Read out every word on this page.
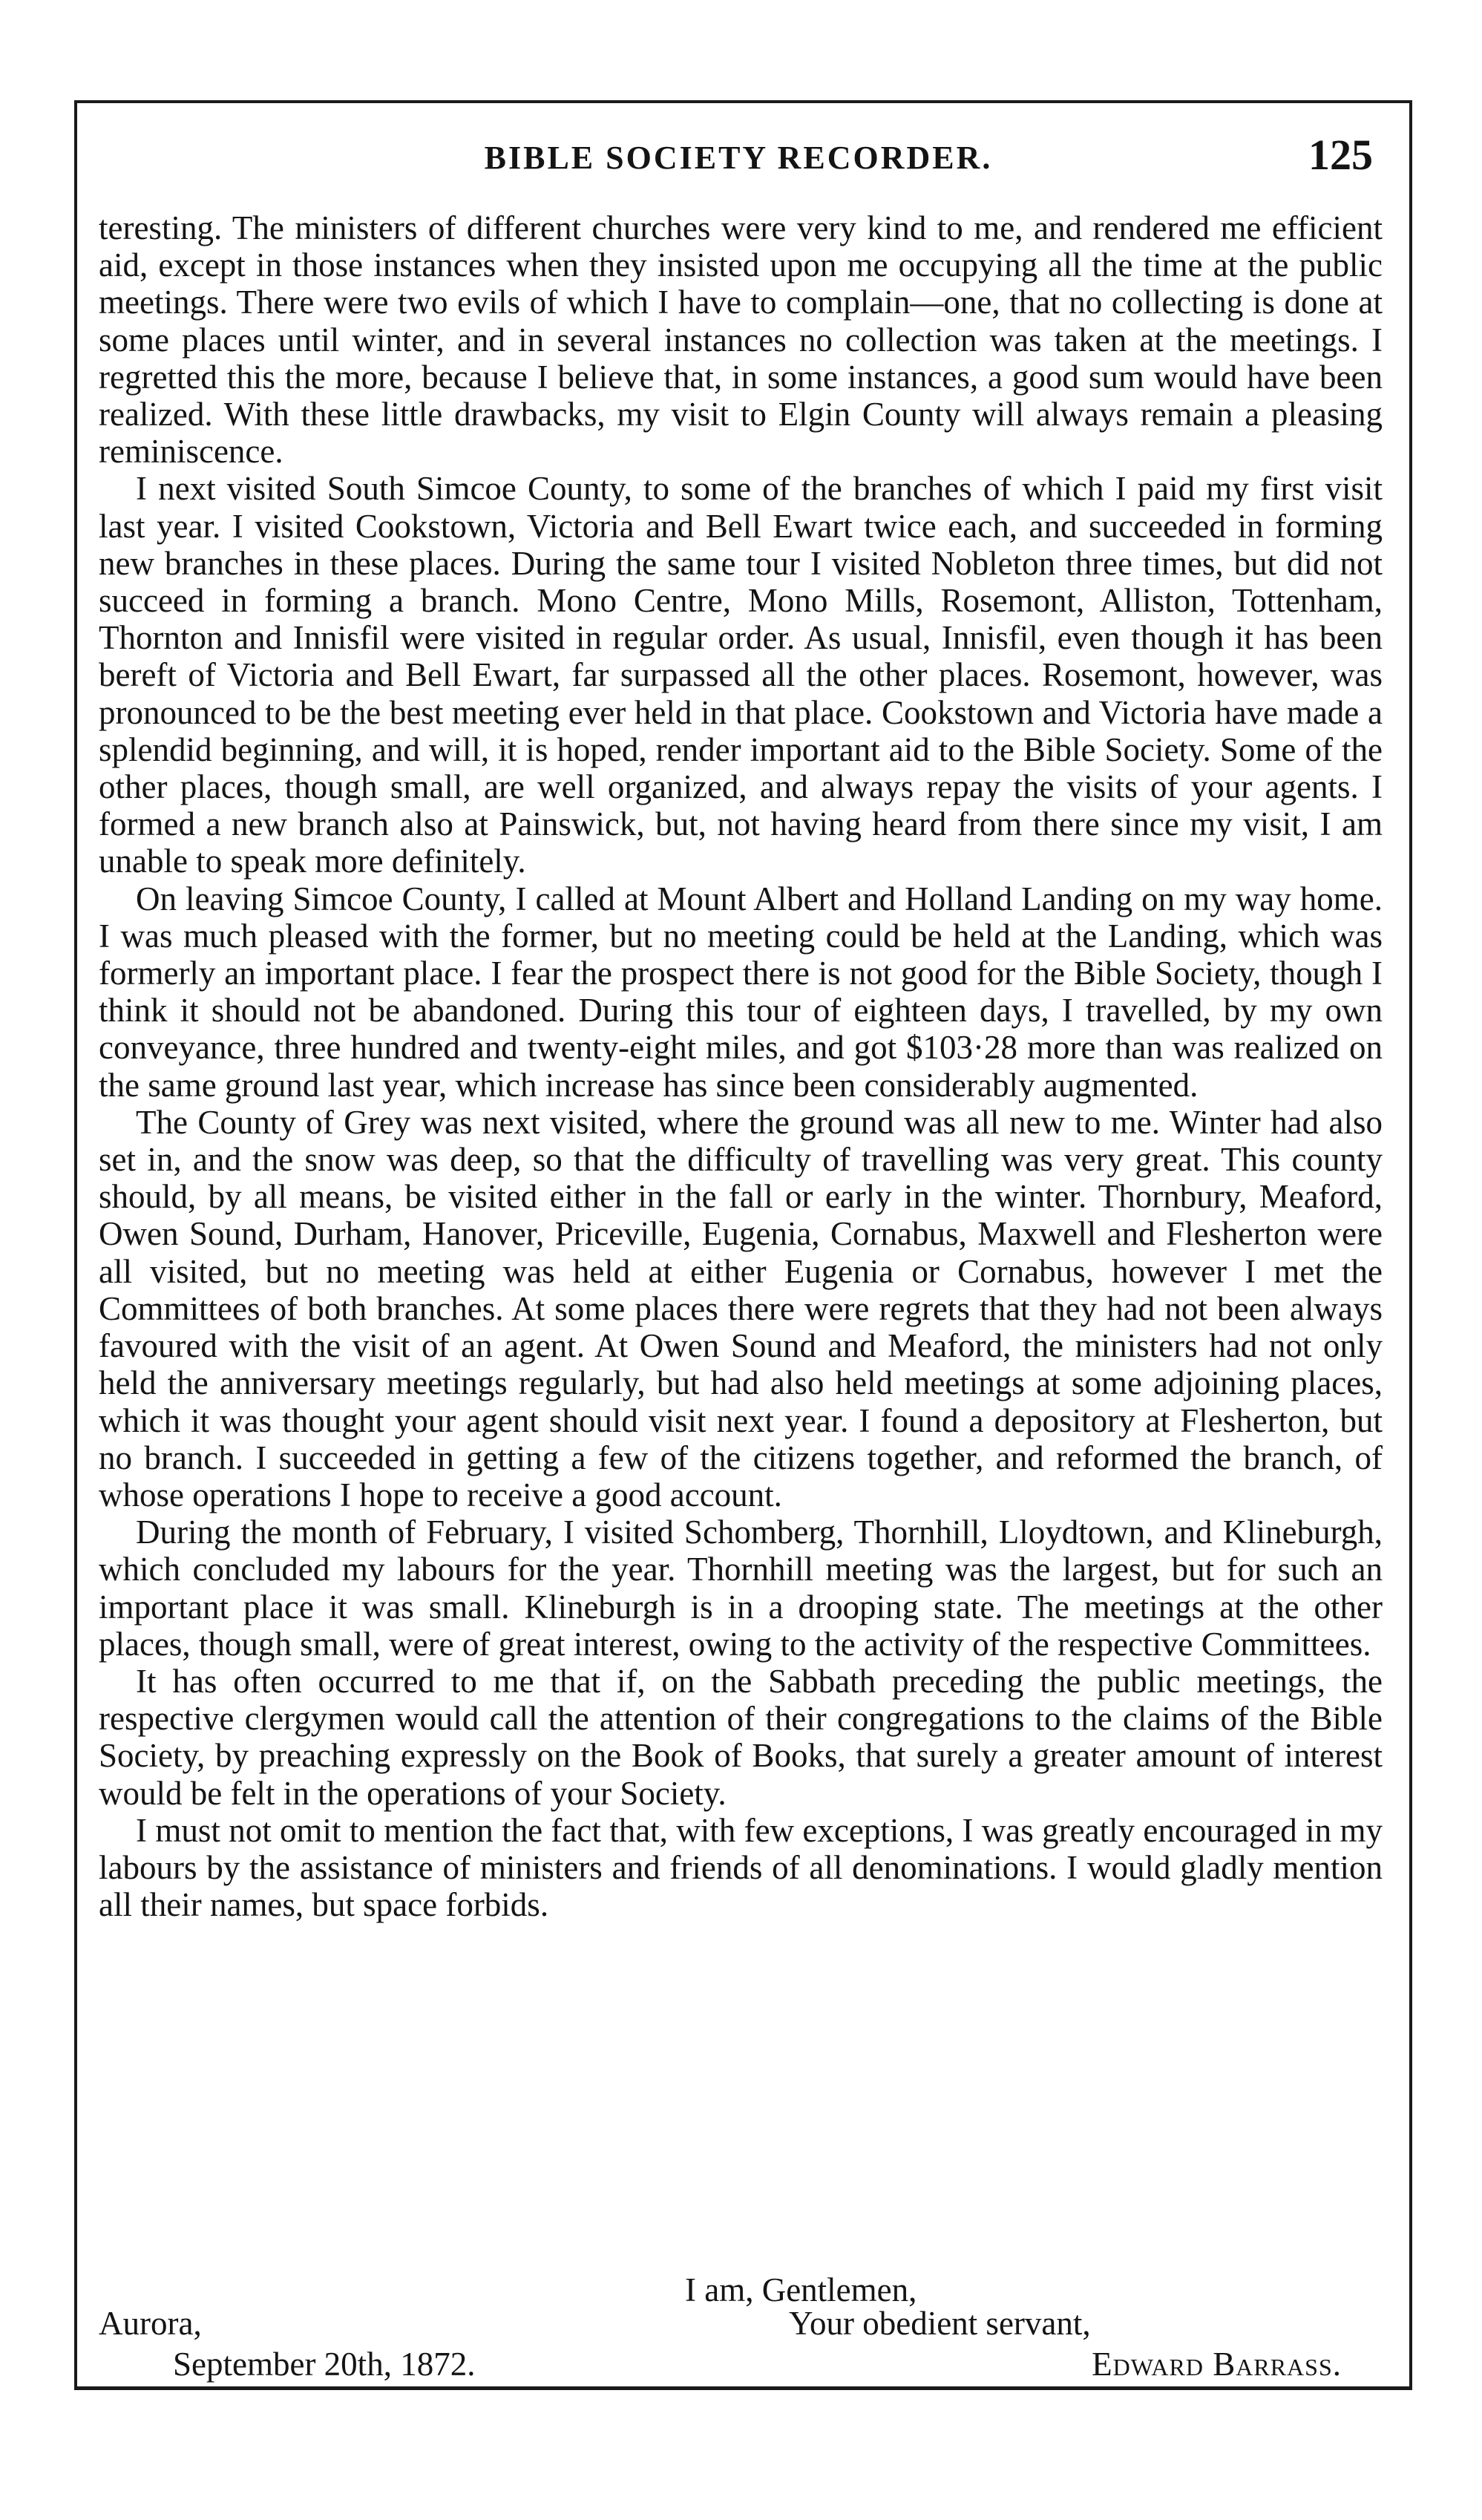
BIBLE SOCIETY RECORDER.	125

teresting. The ministers of different churches were very kind to me, and rendered me efficient aid, except in those instances when they insisted upon me occupying all the time at the public meetings. There were two evils of which I have to complain—one, that no collecting is done at some places until winter, and in several instances no collection was taken at the meetings. I regretted this the more, because I believe that, in some instances, a good sum would have been realized. With these little drawbacks, my visit to Elgin County will always remain a pleasing reminiscence.

I next visited South Simcoe County, to some of the branches of which I paid my first visit last year. I visited Cookstown, Victoria and Bell Ewart twice each, and succeeded in forming new branches in these places. During the same tour I visited Nobleton three times, but did not succeed in forming a branch. Mono Centre, Mono Mills, Rosemont, Alliston, Tottenham, Thornton and Innisfil were visited in regular order. As usual, Innisfil, even though it has been bereft of Victoria and Bell Ewart, far surpassed all the other places. Rosemont, however, was pronounced to be the best meeting ever held in that place. Cookstown and Victoria have made a splendid beginning, and will, it is hoped, render important aid to the Bible Society. Some of the other places, though small, are well organized, and always repay the visits of your agents. I formed a new branch also at Painswick, but, not having heard from there since my visit, I am unable to speak more definitely.

On leaving Simcoe County, I called at Mount Albert and Holland Landing on my way home. I was much pleased with the former, but no meeting could be held at the Landing, which was formerly an important place. I fear the prospect there is not good for the Bible Society, though I think it should not be abandoned. During this tour of eighteen days, I travelled, by my own conveyance, three hundred and twenty-eight miles, and got $103·28 more than was realized on the same ground last year, which increase has since been considerably augmented.

The County of Grey was next visited, where the ground was all new to me. Winter had also set in, and the snow was deep, so that the difficulty of travelling was very great. This county should, by all means, be visited either in the fall or early in the winter. Thornbury, Meaford, Owen Sound, Durham, Hanover, Priceville, Eugenia, Cornabus, Maxwell and Flesherton were all visited, but no meeting was held at either Eugenia or Cornabus, however I met the Committees of both branches. At some places there were regrets that they had not been always favoured with the visit of an agent. At Owen Sound and Meaford, the ministers had not only held the anniversary meetings regularly, but had also held meetings at some adjoining places, which it was thought your agent should visit next year. I found a depository at Flesherton, but no branch. I succeeded in getting a few of the citizens together, and reformed the branch, of whose operations I hope to receive a good account.

During the month of February, I visited Schomberg, Thornhill, Lloydtown, and Klineburgh, which concluded my labours for the year. Thornhill meeting was the largest, but for such an important place it was small. Klineburgh is in a drooping state. The meetings at the other places, though small, were of great interest, owing to the activity of the respective Committees.

It has often occurred to me that if, on the Sabbath preceding the public meetings, the respective clergymen would call the attention of their congregations to the claims of the Bible Society, by preaching expressly on the Book of Books, that surely a greater amount of interest would be felt in the operations of your Society.

I must not omit to mention the fact that, with few exceptions, I was greatly encouraged in my labours by the assistance of ministers and friends of all denominations. I would gladly mention all their names, but space forbids.

I am, Gentlemen,
Aurora,	Your obedient servant,
September 20th, 1872.	Edward Barrass.
